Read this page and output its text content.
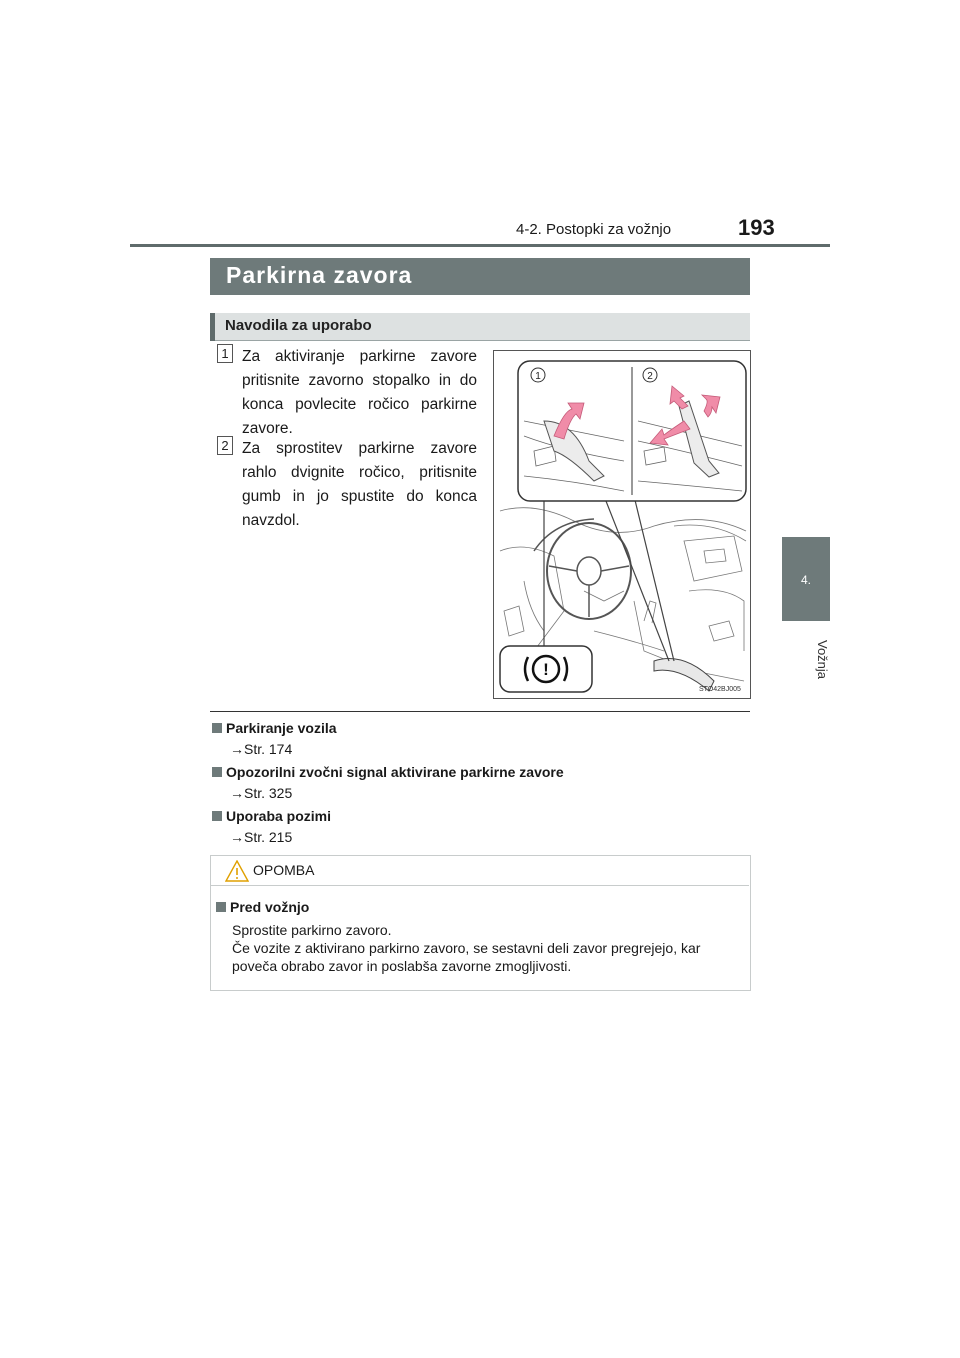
4-2. Postopki za vožnjo	193
4.
Vožnja
Parkirna zavora
Navodila za uporabo
1 Za aktiviranje parkirne zavore pritisnite zavorno stopalko in do konca povlecite ročico parkirne zavore.
2 Za sprostitev parkirne zavore rahlo dvignite ročico, pritisnite gumb in jo spustite do konca navzdol.
1	2
!
STO42BJ005
Parkiranje vozila
→Str. 174
Opozorilni zvočni signal aktivirane parkirne zavore
→Str. 325
Uporaba pozimi
→Str. 215
OPOMBA
Pred vožnjo
Sprostite parkirno zavoro.
Če vozite z aktivirano parkirno zavoro, se sestavni deli zavor pregrejejo, kar poveča obrabo zavor in poslabša zavorne zmogljivosti.
